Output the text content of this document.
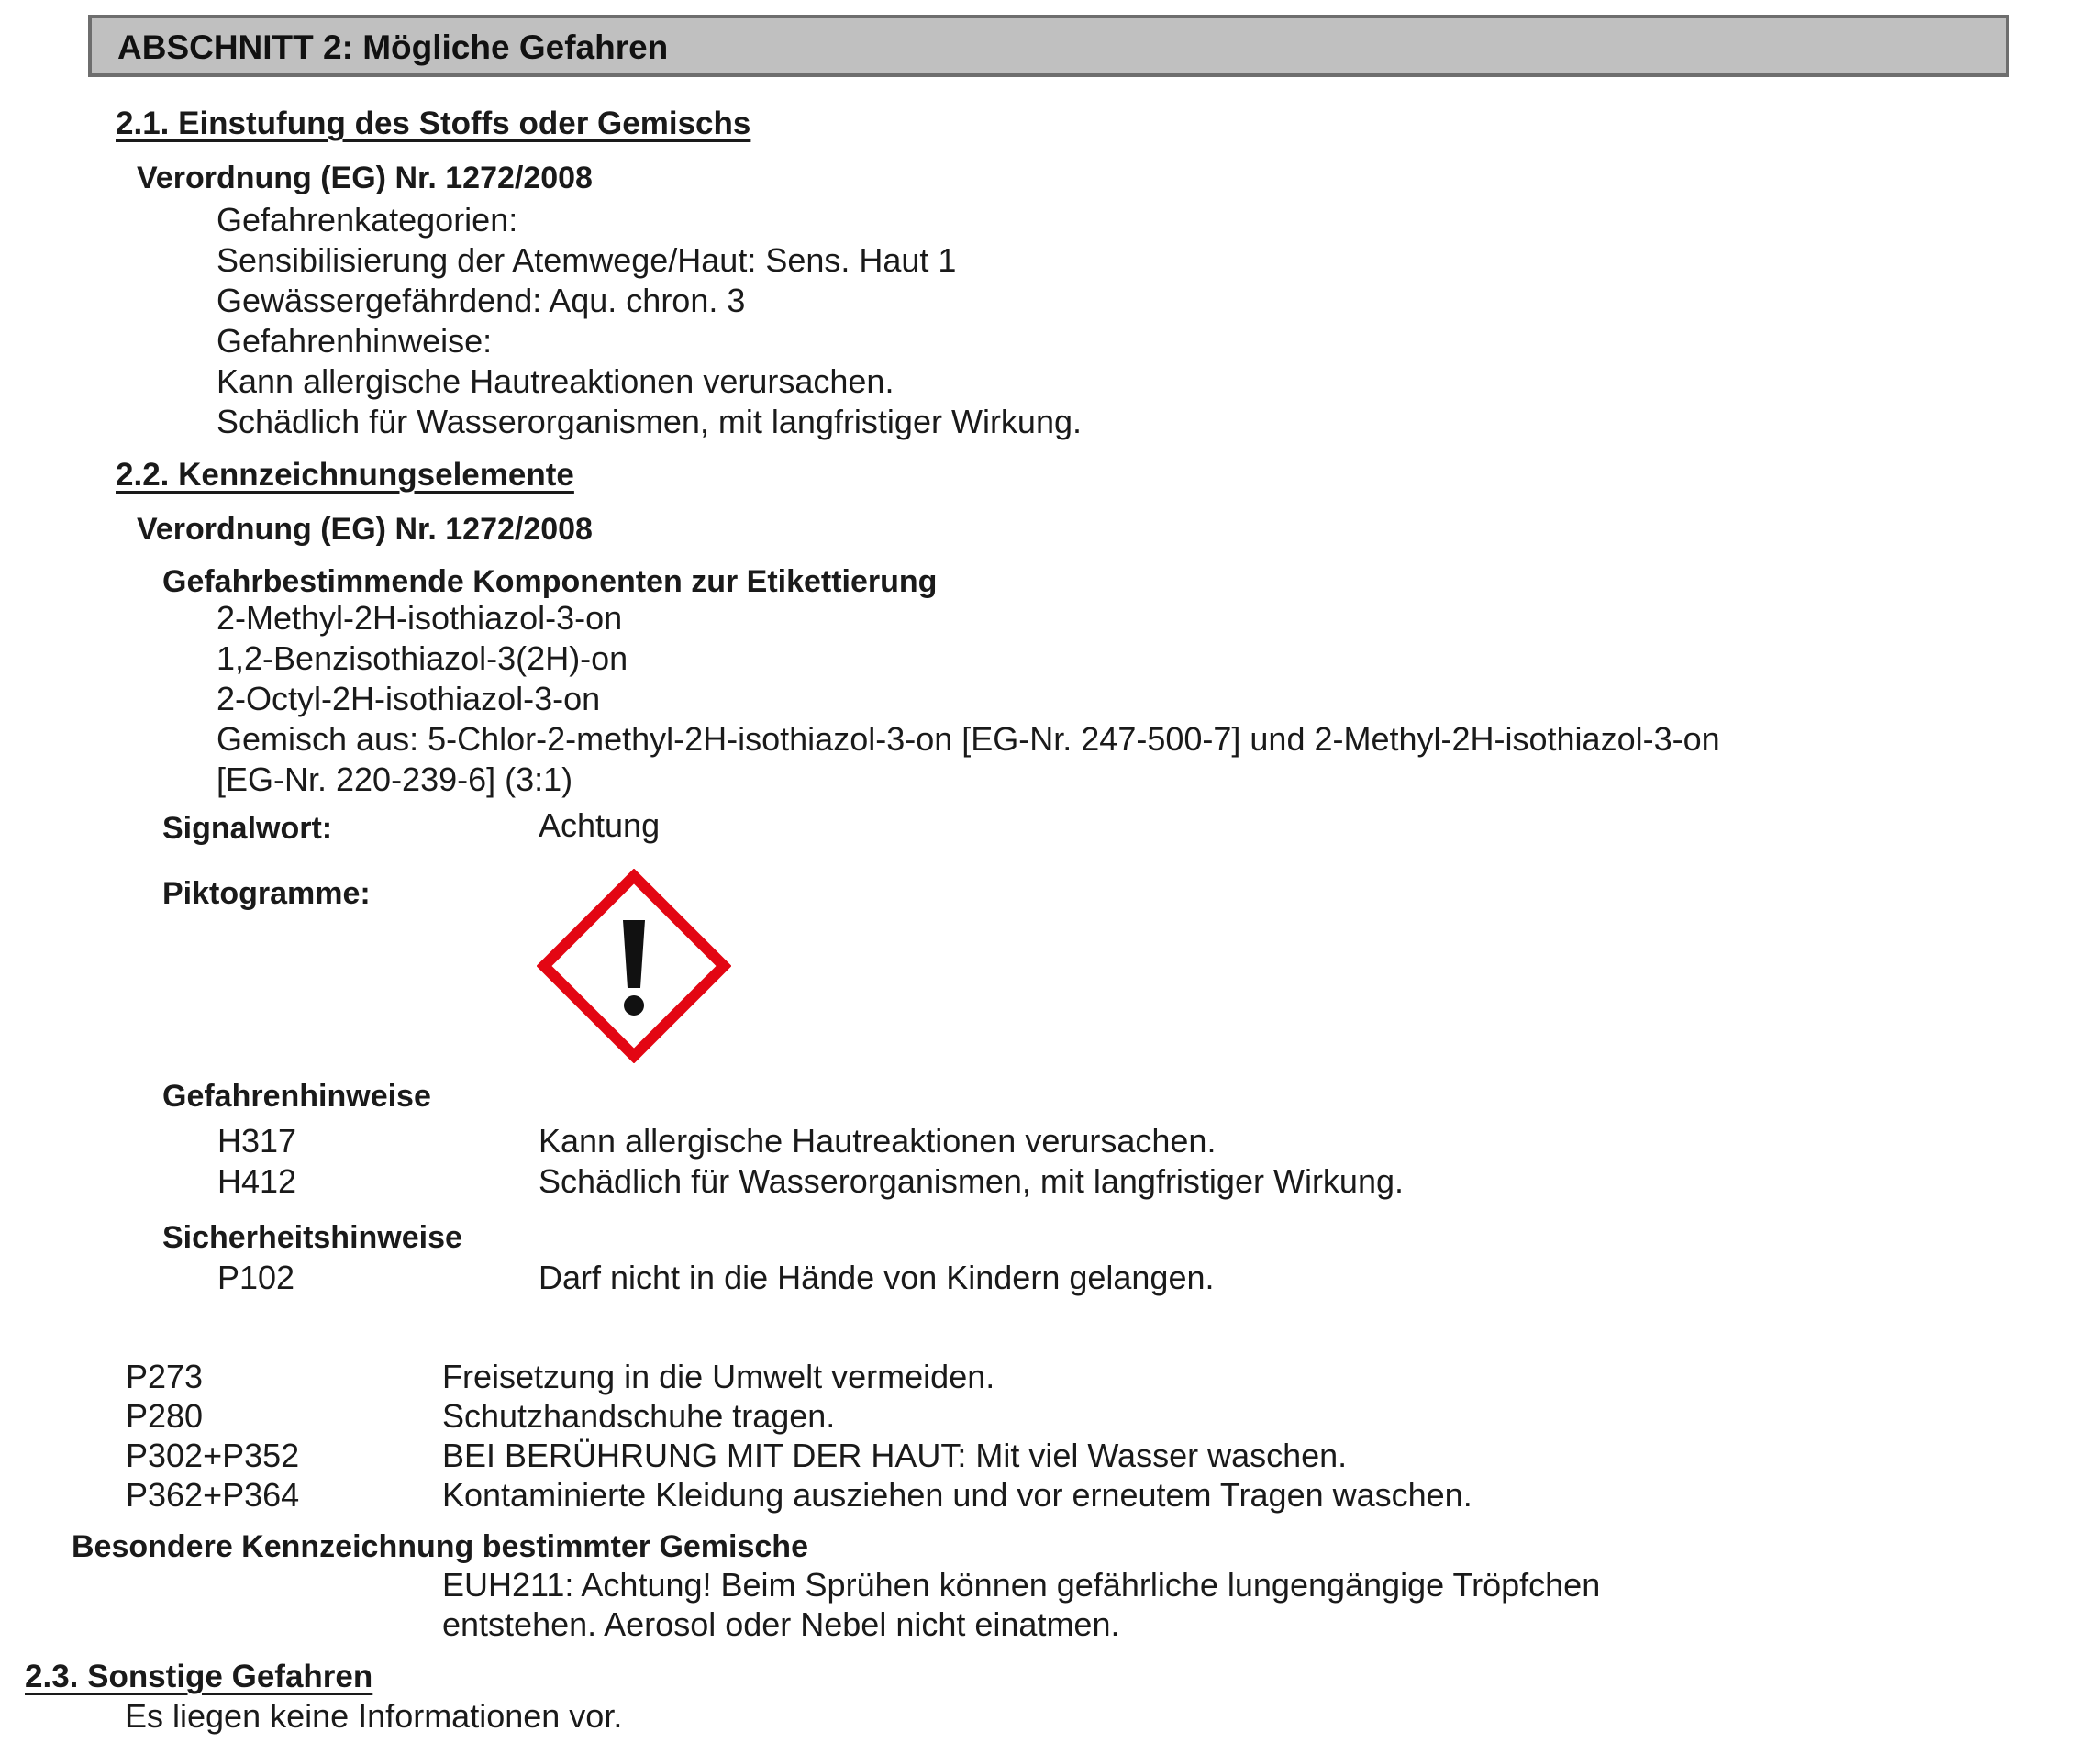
ABSCHNITT 2: Mögliche Gefahren
2.1. Einstufung des Stoffs oder Gemischs
Verordnung (EG) Nr. 1272/2008
Gefahrenkategorien:
Sensibilisierung der Atemwege/Haut: Sens. Haut 1
Gewässergefährdend: Aqu. chron. 3
Gefahrenhinweise:
Kann allergische Hautreaktionen verursachen.
Schädlich für Wasserorganismen, mit langfristiger Wirkung.
2.2. Kennzeichnungselemente
Verordnung (EG) Nr. 1272/2008
Gefahrbestimmende Komponenten zur Etikettierung
2-Methyl-2H-isothiazol-3-on
1,2-Benzisothiazol-3(2H)-on
2-Octyl-2H-isothiazol-3-on
Gemisch aus: 5-Chlor-2-methyl-2H-isothiazol-3-on [EG-Nr. 247-500-7] und 2-Methyl-2H-isothiazol-3-on
[EG-Nr. 220-239-6] (3:1)
Signalwort:	Achtung
Piktogramme:
Gefahrenhinweise
H317	Kann allergische Hautreaktionen verursachen.
H412	Schädlich für Wasserorganismen, mit langfristiger Wirkung.
Sicherheitshinweise
P102	Darf nicht in die Hände von Kindern gelangen.
P273	Freisetzung in die Umwelt vermeiden.
P280	Schutzhandschuhe tragen.
P302+P352	BEI BERÜHRUNG MIT DER HAUT: Mit viel Wasser waschen.
P362+P364	Kontaminierte Kleidung ausziehen und vor erneutem Tragen waschen.
Besondere Kennzeichnung bestimmter Gemische
EUH211: Achtung! Beim Sprühen können gefährliche lungengängige Tröpfchen
entstehen. Aerosol oder Nebel nicht einatmen.
2.3. Sonstige Gefahren
Es liegen keine Informationen vor.
